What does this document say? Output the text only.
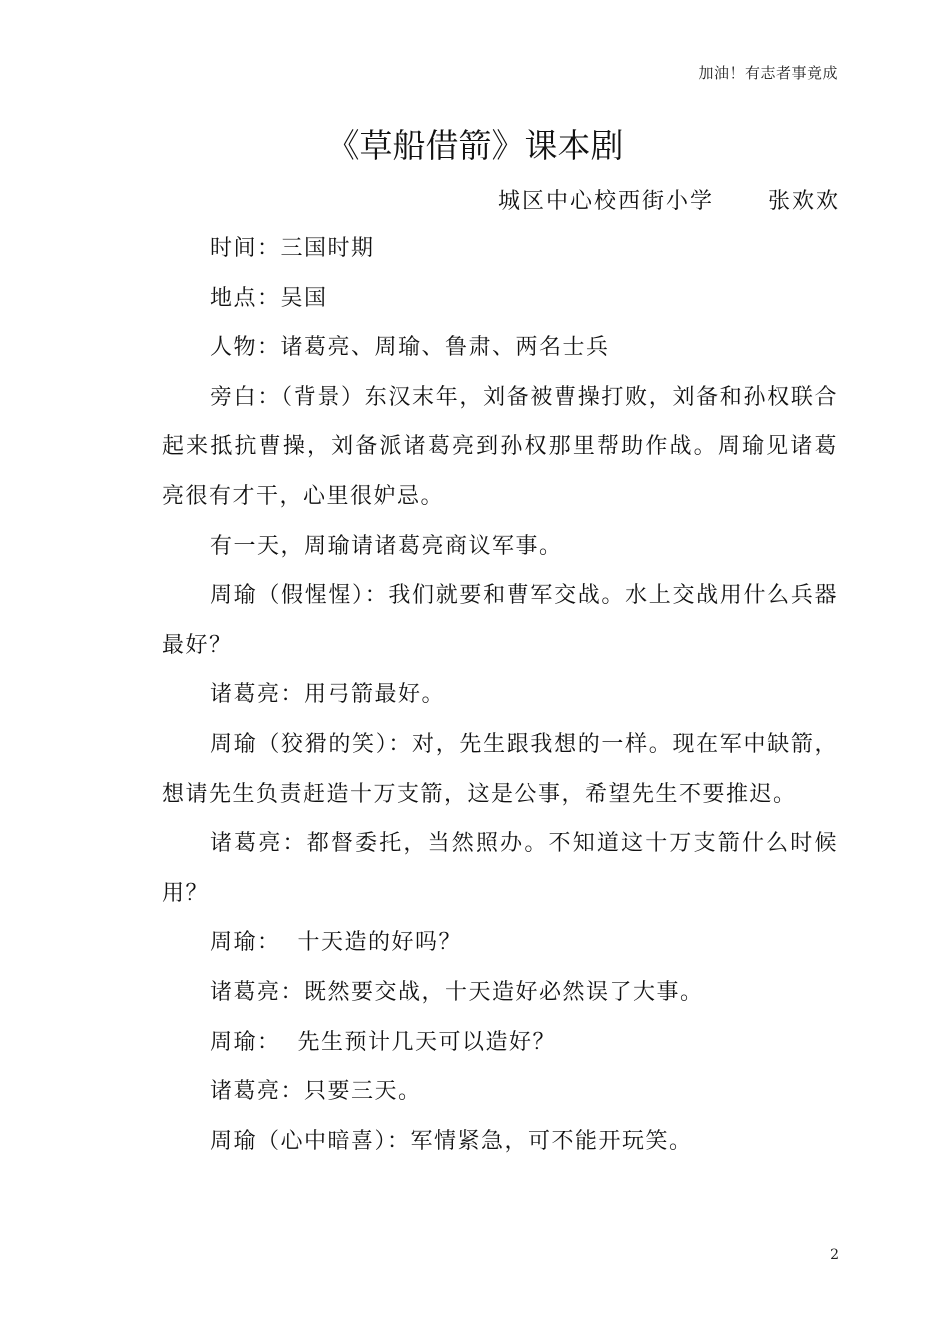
加油！有志者事竟成
《草船借箭》课本剧
城区中心校西街小学      张欢欢

时间：三国时期

地点：吴国

人物：诸葛亮、周瑜、鲁肃、两名士兵

旁白：（背景）东汉末年，刘备被曹操打败，刘备和孙权联合起来抵抗曹操，刘备派诸葛亮到孙权那里帮助作战。周瑜见诸葛亮很有才干，心里很妒忌。

有一天，周瑜请诸葛亮商议军事。

周瑜（假惺惺）：我们就要和曹军交战。水上交战用什么兵器最好？

诸葛亮：用弓箭最好。

周瑜（狡猾的笑）：对，先生跟我想的一样。现在军中缺箭，想请先生负责赶造十万支箭，这是公事，希望先生不要推迟。

诸葛亮：都督委托，当然照办。不知道这十万支箭什么时候用？

周瑜：  十天造的好吗？

诸葛亮：既然要交战，十天造好必然误了大事。

周瑜：  先生预计几天可以造好？

诸葛亮：只要三天。

周瑜（心中暗喜）：军情紧急，可不能开玩笑。

2
